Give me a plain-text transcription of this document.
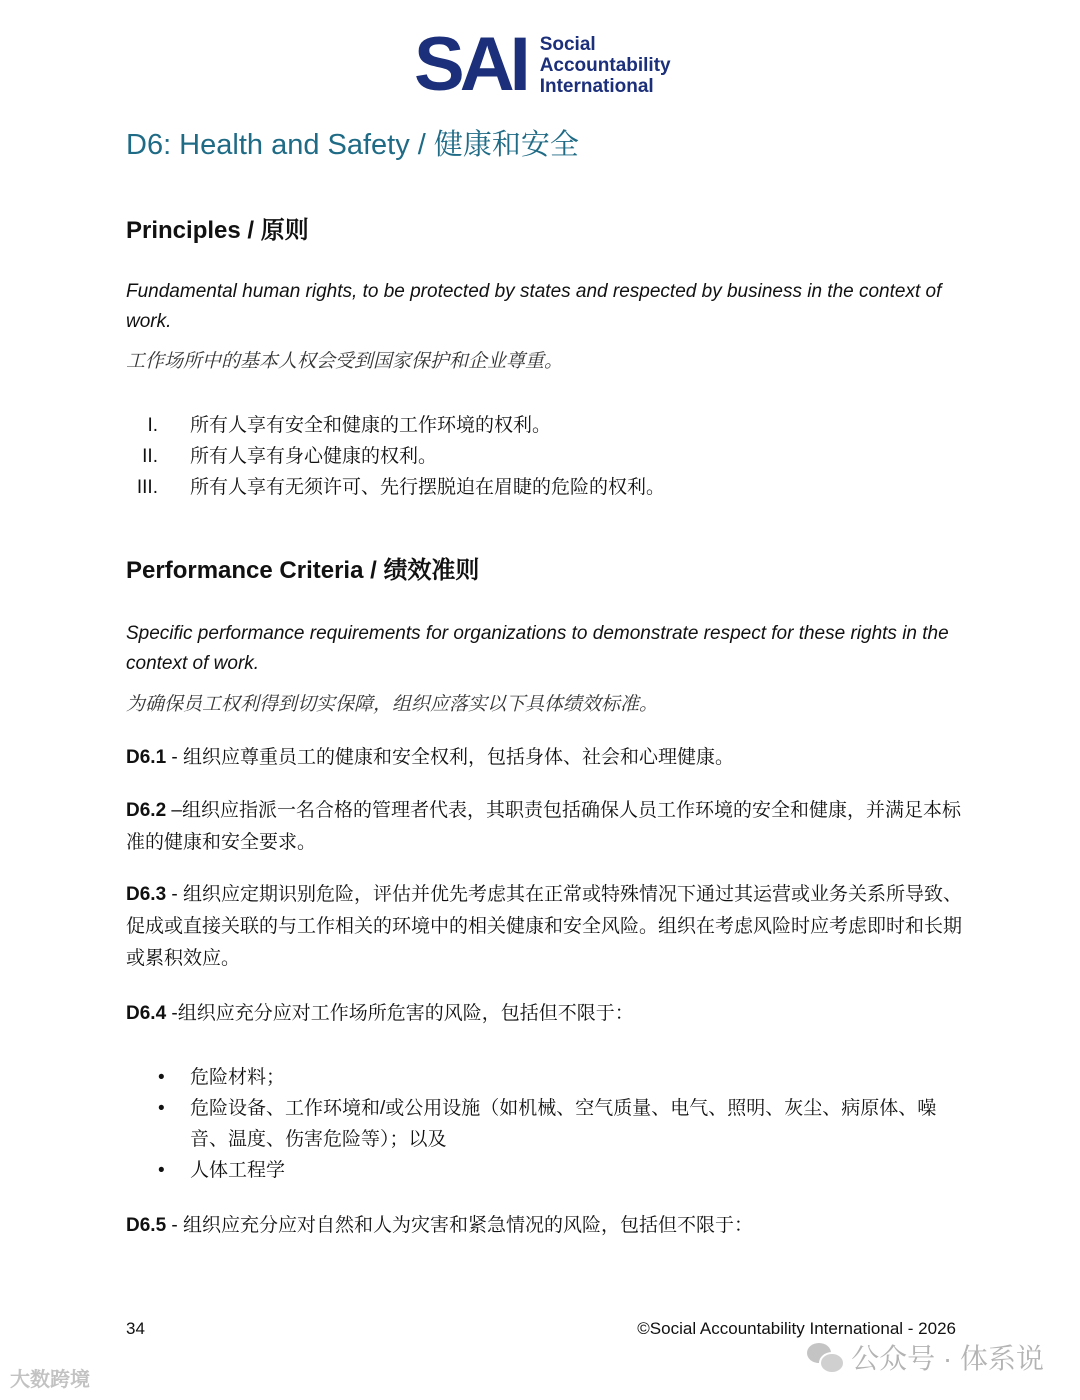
SAI Social
Accountability
International
D6: Health and Safety / 健康和安全
Principles / 原则

Fundamental human rights, to be protected by states and respected by business in the context of work.

工作场所中的基本人权会受到国家保护和企业尊重。

I. 所有人享有安全和健康的工作环境的权利。
II. 所有人享有身心健康的权利。
III. 所有人享有无须许可、先行摆脱迫在眉睫的危险的权利。
Performance Criteria / 绩效准则

Specific performance requirements for organizations to demonstrate respect for these rights in the context of work.

为确保员工权利得到切实保障，组织应落实以下具体绩效标准。

D6.1 - 组织应尊重员工的健康和安全权利，包括身体、社会和心理健康。

D6.2 –组织应指派一名合格的管理者代表，其职责包括确保人员工作环境的安全和健康，并满足本标准的健康和安全要求。

D6.3 - 组织应定期识别危险，评估并优先考虑其在正常或特殊情况下通过其运营或业务关系所导致、促成或直接关联的与工作相关的环境中的相关健康和安全风险。组织在考虑风险时应考虑即时和长期或累积效应。

D6.4 -组织应充分应对工作场所危害的风险，包括但不限于：

• 危险材料；
• 危险设备、工作环境和/或公用设施（如机械、空气质量、电气、照明、灰尘、病原体、噪音、温度、伤害危险等）；以及
• 人体工程学

D6.5 - 组织应充分应对自然和人为灾害和紧急情况的风险，包括但不限于：

34	©Social Accountability International - 2026
大数跨境
公众号 · 体系说
